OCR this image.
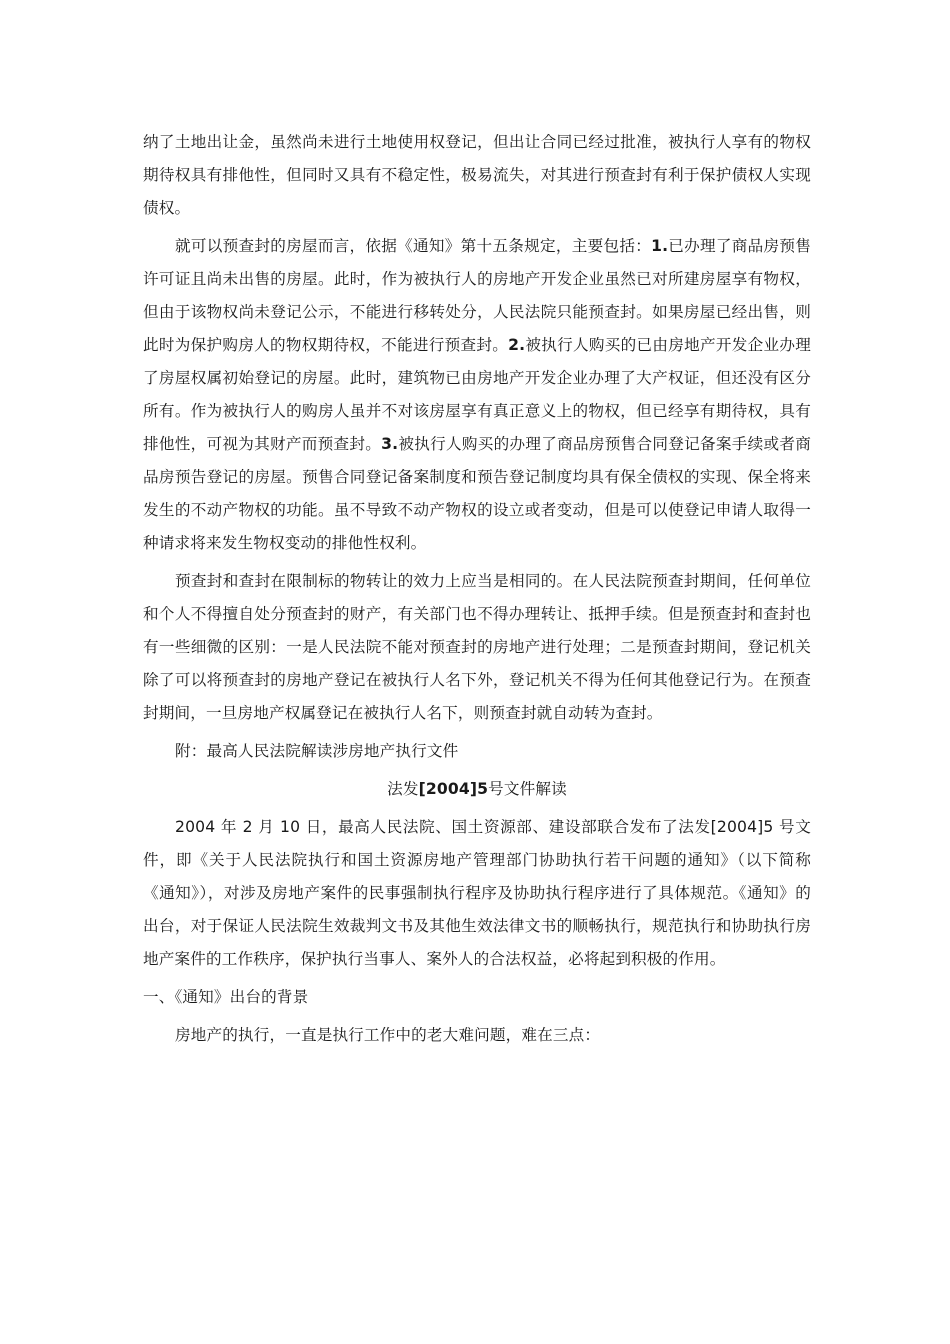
纳了土地出让金，虽然尚未进行土地使用权登记，但出让合同已经过批准，被执行人享有的物权期待权具有排他性，但同时又具有不稳定性，极易流失，对其进行预查封有利于保护债权人实现债权。

就可以预查封的房屋而言，依据《通知》第十五条规定，主要包括：1.已办理了商品房预售许可证且尚未出售的房屋。此时，作为被执行人的房地产开发企业虽然已对所建房屋享有物权，但由于该物权尚未登记公示，不能进行移转处分，人民法院只能预查封。如果房屋已经出售，则此时为保护购房人的物权期待权，不能进行预查封。2.被执行人购买的已由房地产开发企业办理了房屋权属初始登记的房屋。此时，建筑物已由房地产开发企业办理了大产权证，但还没有区分所有。作为被执行人的购房人虽并不对该房屋享有真正意义上的物权，但已经享有期待权，具有排他性，可视为其财产而预查封。3.被执行人购买的办理了商品房预售合同登记备案手续或者商品房预告登记的房屋。预售合同登记备案制度和预告登记制度均具有保全债权的实现、保全将来发生的不动产物权的功能。虽不导致不动产物权的设立或者变动，但是可以使登记申请人取得一种请求将来发生物权变动的排他性权利。

预查封和查封在限制标的物转让的效力上应当是相同的。在人民法院预查封期间，任何单位和个人不得擅自处分预查封的财产，有关部门也不得办理转让、抵押手续。但是预查封和查封也有一些细微的区别：一是人民法院不能对预查封的房地产进行处理；二是预查封期间，登记机关除了可以将预查封的房地产登记在被执行人名下外，登记机关不得为任何其他登记行为。在预查封期间，一旦房地产权属登记在被执行人名下，则预查封就自动转为查封。

附：最高人民法院解读涉房地产执行文件

法发[2004]5号文件解读

2004 年 2 月 10 日，最高人民法院、国土资源部、建设部联合发布了法发[2004]5 号文件，即《关于人民法院执行和国土资源房地产管理部门协助执行若干问题的通知》（以下简称《通知》），对涉及房地产案件的民事强制执行程序及协助执行程序进行了具体规范。《通知》的出台，对于保证人民法院生效裁判文书及其他生效法律文书的顺畅执行，规范执行和协助执行房地产案件的工作秩序，保护执行当事人、案外人的合法权益，必将起到积极的作用。

一、《通知》出台的背景

房地产的执行，一直是执行工作中的老大难问题，难在三点：
